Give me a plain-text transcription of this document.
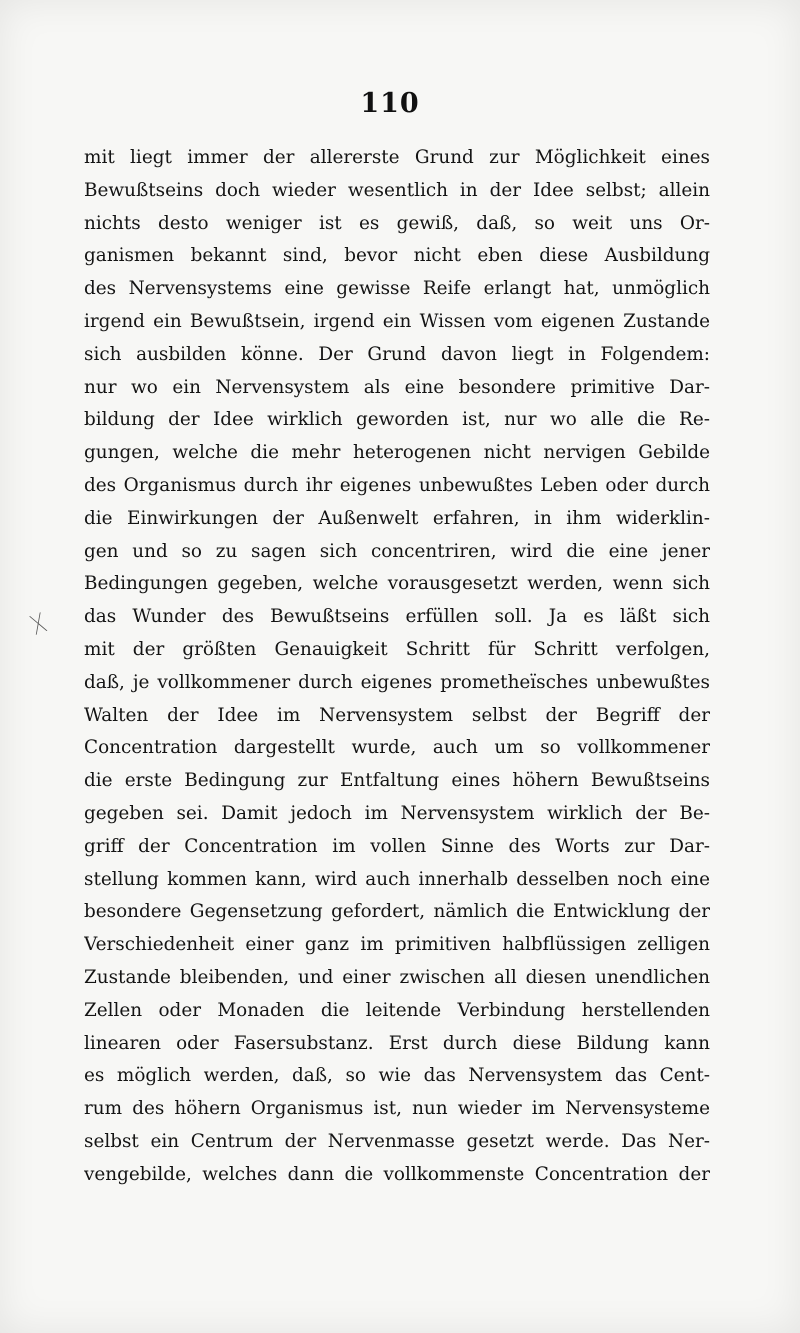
110
ᚷ
mit liegt immer der allererste Grund zur Möglichkeit eines
Bewußtseins doch wieder wesentlich in der Idee selbst; allein
nichts desto weniger ist es gewiß, daß, so weit uns Or-
ganismen bekannt sind, bevor nicht eben diese Ausbildung
des Nervensystems eine gewisse Reife erlangt hat, unmöglich
irgend ein Bewußtsein, irgend ein Wissen vom eigenen Zustande
sich ausbilden könne. Der Grund davon liegt in Folgendem:
nur wo ein Nervensystem als eine besondere primitive Dar-
bildung der Idee wirklich geworden ist, nur wo alle die Re-
gungen, welche die mehr heterogenen nicht nervigen Gebilde
des Organismus durch ihr eigenes unbewußtes Leben oder durch
die Einwirkungen der Außenwelt erfahren, in ihm widerklin-
gen und so zu sagen sich concentriren, wird die eine jener
Bedingungen gegeben, welche vorausgesetzt werden, wenn sich
das Wunder des Bewußtseins erfüllen soll. Ja es läßt sich
mit der größten Genauigkeit Schritt für Schritt verfolgen,
daß, je vollkommener durch eigenes prometheïsches unbewußtes
Walten der Idee im Nervensystem selbst der Begriff der
Concentration dargestellt wurde, auch um so vollkommener
die erste Bedingung zur Entfaltung eines höhern Bewußtseins
gegeben sei. Damit jedoch im Nervensystem wirklich der Be-
griff der Concentration im vollen Sinne des Worts zur Dar-
stellung kommen kann, wird auch innerhalb desselben noch eine
besondere Gegensetzung gefordert, nämlich die Entwicklung der
Verschiedenheit einer ganz im primitiven halbflüssigen zelligen
Zustande bleibenden, und einer zwischen all diesen unendlichen
Zellen oder Monaden die leitende Verbindung herstellenden
linearen oder Fasersubstanz. Erst durch diese Bildung kann
es möglich werden, daß, so wie das Nervensystem das Cent-
rum des höhern Organismus ist, nun wieder im Nervensysteme
selbst ein Centrum der Nervenmasse gesetzt werde. Das Ner-
vengebilde, welches dann die vollkommenste Concentration der
